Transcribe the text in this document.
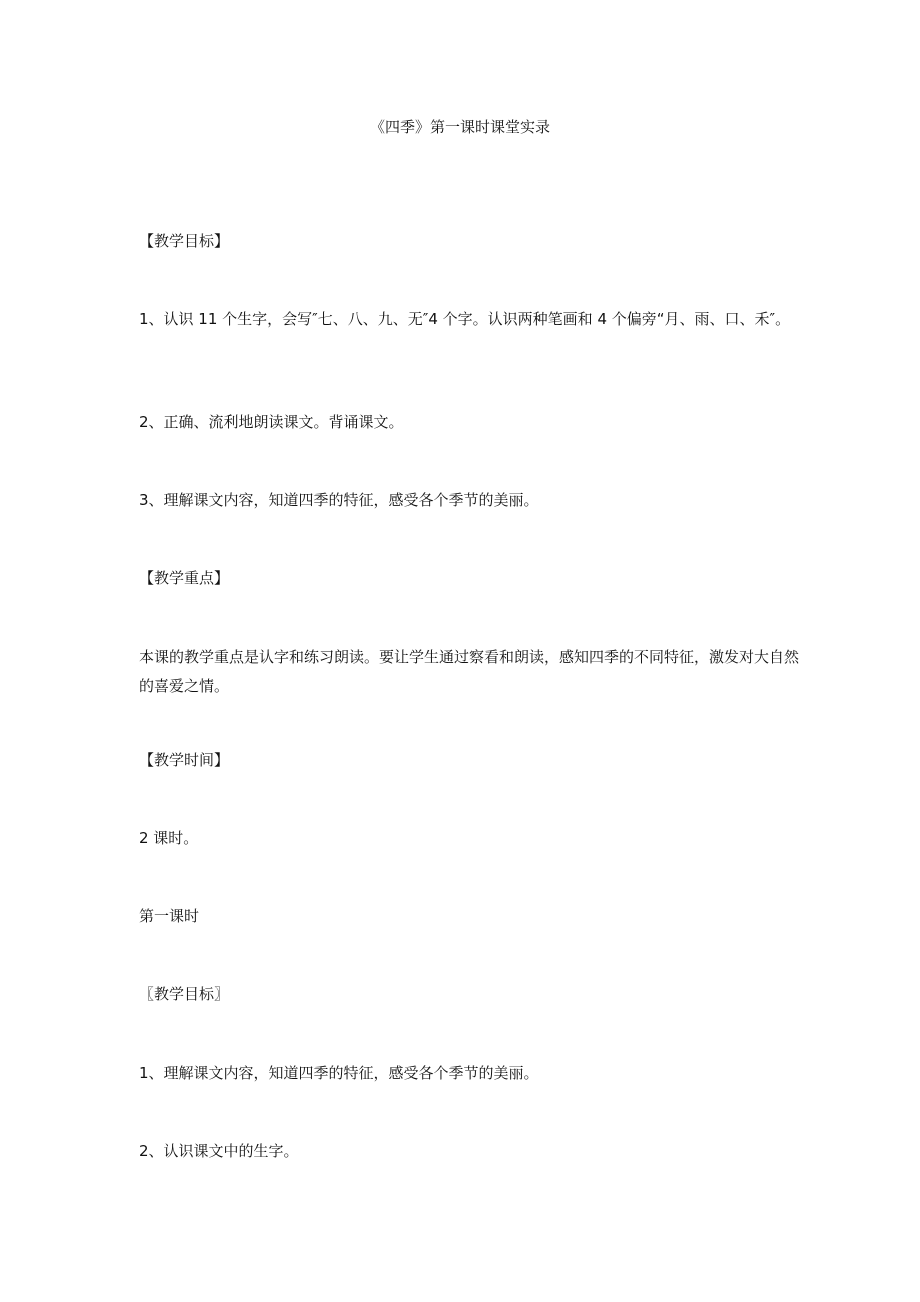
《四季》第一课时课堂实录
【教学目标】
1、认识 11 个生字，会写″七、八、九、无″4 个字。认识两种笔画和 4 个偏旁“月、雨、口、禾″。
2、正确、流利地朗读课文。背诵课文。
3、理解课文内容，知道四季的特征，感受各个季节的美丽。
【教学重点】
本课的教学重点是认字和练习朗读。要让学生通过察看和朗读，感知四季的不同特征，激发对大自然的喜爱之情。
【教学时间】
2 课时。
第一课时
〖教学目标〗
1、理解课文内容，知道四季的特征，感受各个季节的美丽。
2、认识课文中的生字。
